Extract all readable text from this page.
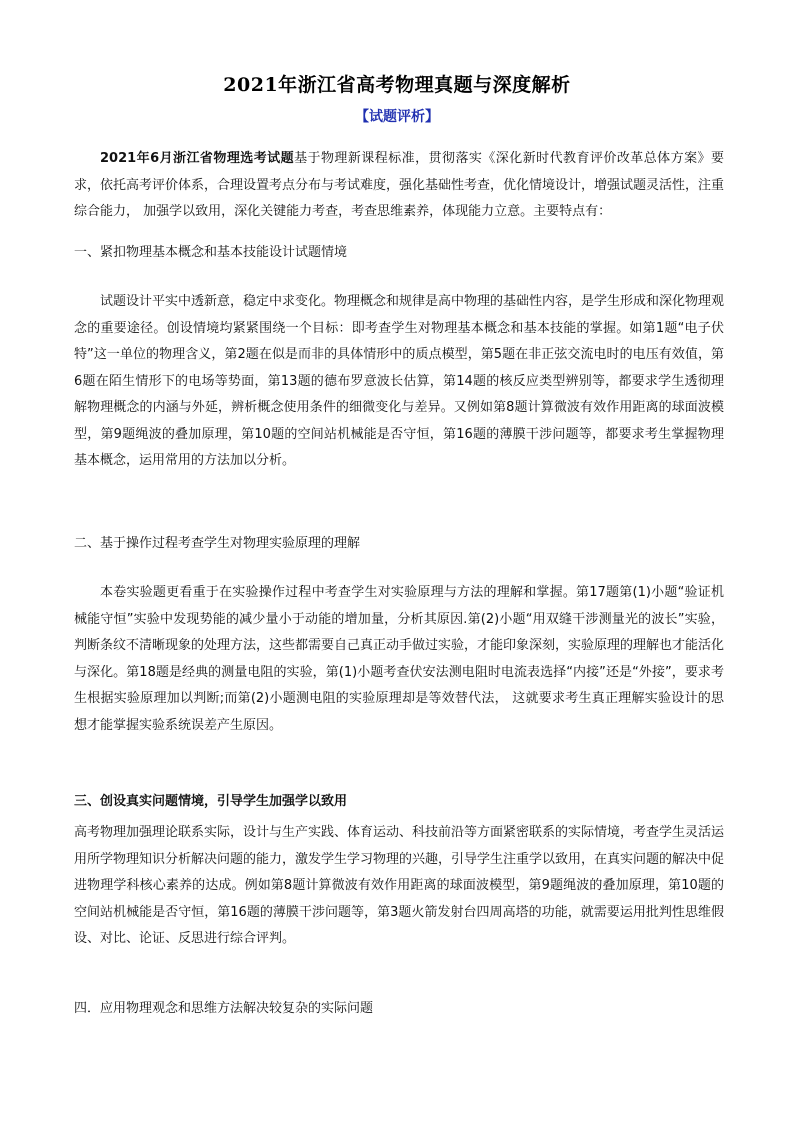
2021年浙江省高考物理真题与深度解析
【试题评析】
2021年6月浙江省物理选考试题基于物理新课程标准，贯彻落实《深化新时代教育评价改革总体方案》要求，依托高考评价体系，合理设置考点分布与考试难度，强化基础性考查，优化情境设计，增强试题灵活性，注重综合能力， 加强学以致用，深化关键能力考查，考查思维素养，体现能力立意。主要特点有：
一、紧扣物理基本概念和基本技能设计试题情境
试题设计平实中透新意，稳定中求变化。物理概念和规律是高中物理的基础性内容，是学生形成和深化物理观念的重要途径。创设情境均紧紧围绕一个目标：即考查学生对物理基本概念和基本技能的掌握。如第1题“电子伏特”这一单位的物理含义，第2题在似是而非的具体情形中的质点模型，第5题在非正弦交流电时的电压有效值，第6题在陌生情形下的电场等势面，第13题的德布罗意波长估算，第14题的核反应类型辨别等，都要求学生透彻理解物理概念的内涵与外延，辨析概念使用条件的细微变化与差异。又例如第8题计算微波有效作用距离的球面波模型，第9题绳波的叠加原理，第10题的空间站机械能是否守恒，第16题的薄膜干涉问题等，都要求考生掌握物理基本概念，运用常用的方法加以分析。
二、基于操作过程考查学生对物理实验原理的理解
本卷实验题更看重于在实验操作过程中考查学生对实验原理与方法的理解和掌握。第17题第(1)小题“验证机械能守恒”实验中发现势能的减少量小于动能的增加量，分析其原因.第(2)小题“用双缝干涉测量光的波长”实验，判断条纹不清晰现象的处理方法，这些都需要自己真正动手做过实验，才能印象深刻，实验原理的理解也才能活化与深化。第18题是经典的测量电阻的实验，第(1)小题考查伏安法测电阻时电流表选择“内接”还是“外接”，要求考生根据实验原理加以判断;而第(2)小题测电阻的实验原理却是等效替代法， 这就要求考生真正理解实验设计的思想才能掌握实验系统误差产生原因。
三、创设真实问题情境，引导学生加强学以致用
高考物理加强理论联系实际，设计与生产实践、体育运动、科技前沿等方面紧密联系的实际情境，考查学生灵活运用所学物理知识分析解决问题的能力，激发学生学习物理的兴趣，引导学生注重学以致用，在真实问题的解决中促进物理学科核心素养的达成。例如第8题计算微波有效作用距离的球面波模型，第9题绳波的叠加原理，第10题的空间站机械能是否守恒，第16题的薄膜干涉问题等，第3题火箭发射台四周高塔的功能，就需要运用批判性思维假设、对比、论证、反思进行综合评判。
四．应用物理观念和思维方法解决较复杂的实际问题
